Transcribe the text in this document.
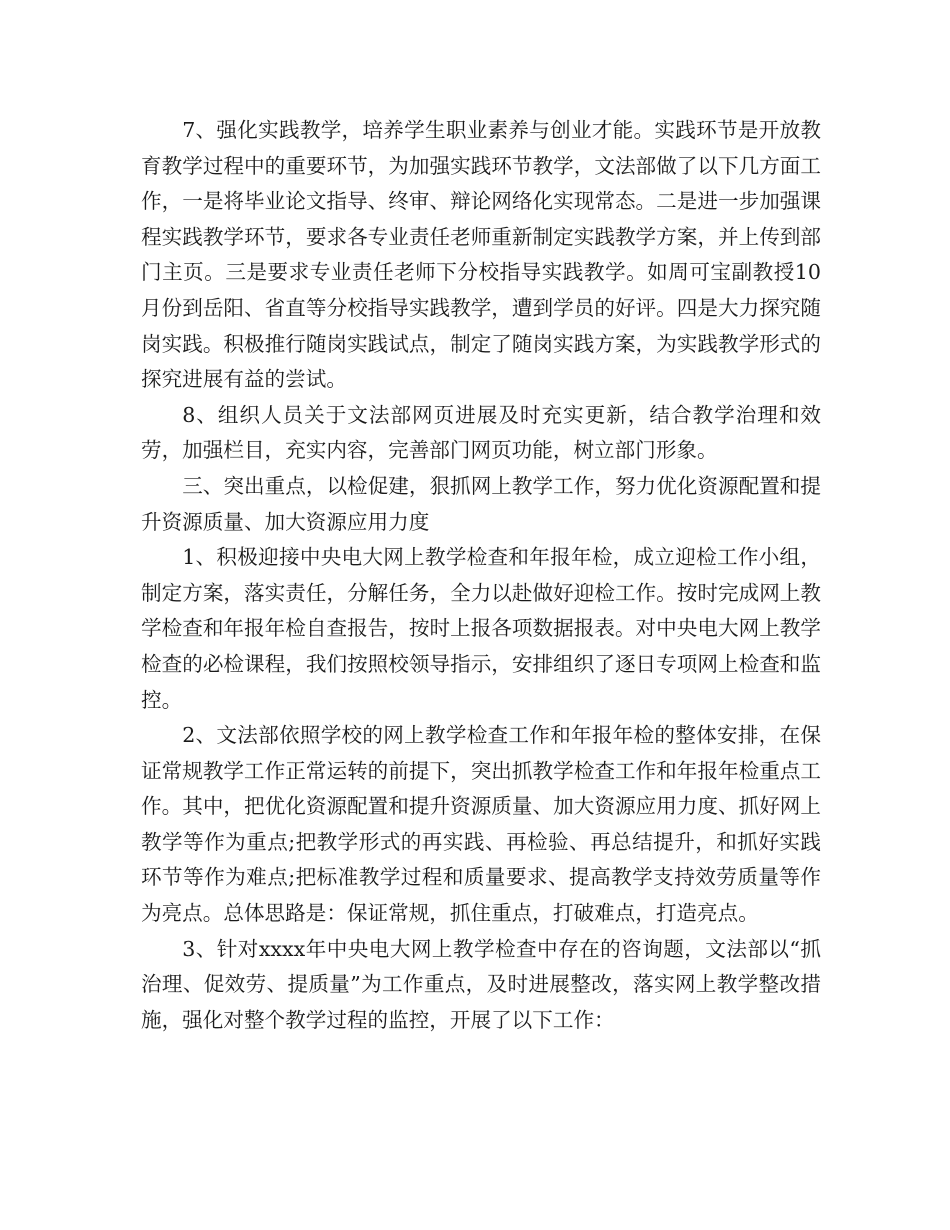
7、强化实践教学，培养学生职业素养与创业才能。实践环节是开放教育教学过程中的重要环节，为加强实践环节教学，文法部做了以下几方面工作，一是将毕业论文指导、终审、辩论网络化实现常态。二是进一步加强课程实践教学环节，要求各专业责任老师重新制定实践教学方案，并上传到部门主页。三是要求专业责任老师下分校指导实践教学。如周可宝副教授10月份到岳阳、省直等分校指导实践教学，遭到学员的好评。四是大力探究随岗实践。积极推行随岗实践试点，制定了随岗实践方案，为实践教学形式的探究进展有益的尝试。

8、组织人员关于文法部网页进展及时充实更新，结合教学治理和效劳，加强栏目，充实内容，完善部门网页功能，树立部门形象。

三、突出重点，以检促建，狠抓网上教学工作，努力优化资源配置和提升资源质量、加大资源应用力度

1、积极迎接中央电大网上教学检查和年报年检，成立迎检工作小组，制定方案，落实责任，分解任务，全力以赴做好迎检工作。按时完成网上教学检查和年报年检自查报告，按时上报各项数据报表。对中央电大网上教学检查的必检课程，我们按照校领导指示，安排组织了逐日专项网上检查和监控。

2、文法部依照学校的网上教学检查工作和年报年检的整体安排，在保证常规教学工作正常运转的前提下，突出抓教学检查工作和年报年检重点工作。其中，把优化资源配置和提升资源质量、加大资源应用力度、抓好网上教学等作为重点;把教学形式的再实践、再检验、再总结提升，和抓好实践环节等作为难点;把标准教学过程和质量要求、提高教学支持效劳质量等作为亮点。总体思路是：保证常规，抓住重点，打破难点，打造亮点。

3、针对xxxx年中央电大网上教学检查中存在的咨询题，文法部以“抓治理、促效劳、提质量”为工作重点，及时进展整改，落实网上教学整改措施，强化对整个教学过程的监控，开展了以下工作：
